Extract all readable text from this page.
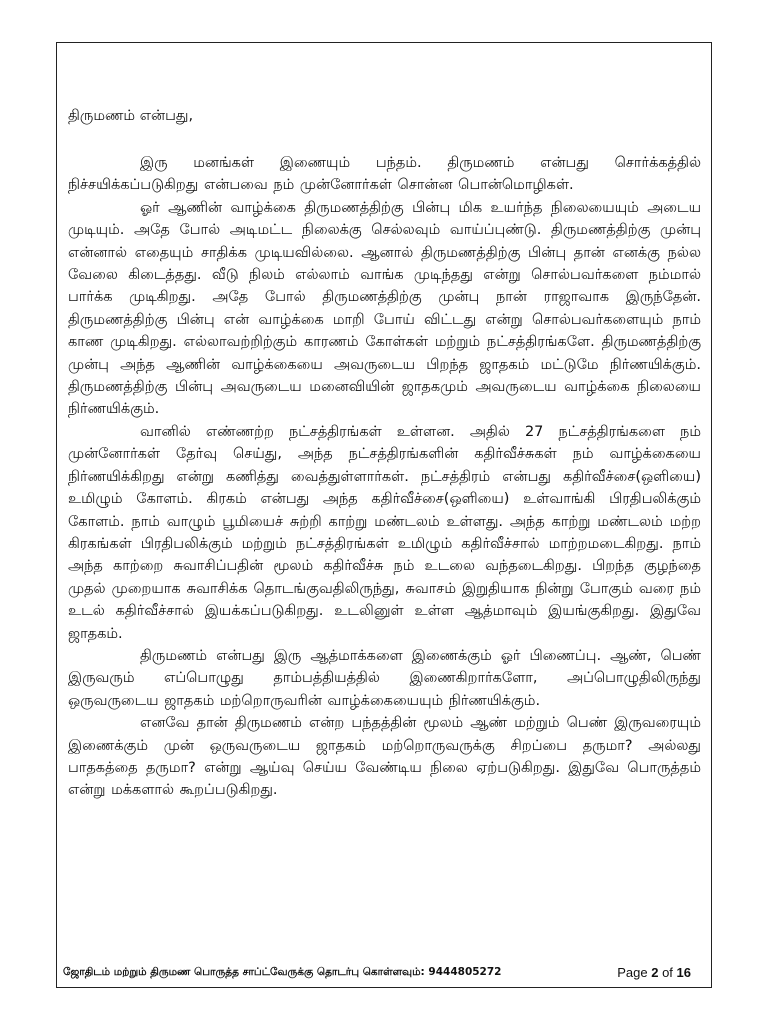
திருமணம் என்பது,

இரு மனங்கள் இணையும் பந்தம். திருமணம் என்பது சொர்க்கத்தில் நிச்சயிக்கப்படுகிறது என்பவை நம் முன்னோர்கள் சொன்ன பொன்மொழிகள்.

ஓர் ஆணின் வாழ்க்கை திருமணத்திற்கு பின்பு மிக உயர்ந்த நிலையையும் அடைய முடியும். அதே போல் அடிமட்ட நிலைக்கு செல்லவும் வாய்ப்புண்டு. திருமணத்திற்கு முன்பு என்னால் எதையும் சாதிக்க முடியவில்லை. ஆனால் திருமணத்திற்கு பின்பு தான் எனக்கு நல்ல வேலை கிடைத்தது. வீடு நிலம் எல்லாம் வாங்க முடிந்தது என்று சொல்பவர்களை நம்மால் பார்க்க முடிகிறது. அதே போல் திருமணத்திற்கு முன்பு நான் ராஜாவாக இருந்தேன். திருமணத்திற்கு பின்பு என் வாழ்க்கை மாறி போய் விட்டது என்று சொல்பவர்களையும் நாம் காண முடிகிறது. எல்லாவற்றிற்கும் காரணம் கோள்கள் மற்றும் நட்சத்திரங்களே. திருமணத்திற்கு முன்பு அந்த ஆணின் வாழ்க்கையை அவருடைய பிறந்த ஜாதகம் மட்டுமே நிர்ணயிக்கும். திருமணத்திற்கு பின்பு அவருடைய மனைவியின் ஜாதகமும் அவருடைய வாழ்க்கை நிலையை நிர்ணயிக்கும்.

வானில் எண்ணற்ற நட்சத்திரங்கள் உள்ளன. அதில் 27 நட்சத்திரங்களை நம் முன்னோர்கள் தேர்வு செய்து, அந்த நட்சத்திரங்களின் கதிர்வீச்சுகள் நம் வாழ்க்கையை நிர்ணயிக்கிறது என்று கணித்து வைத்துள்ளார்கள். நட்சத்திரம் என்பது கதிர்வீச்சை(ஒளியை) உமிழும் கோளம். கிரகம் என்பது அந்த கதிர்வீச்சை(ஒளியை) உள்வாங்கி பிரதிபலிக்கும் கோளம். நாம் வாழும் பூமியைச் சுற்றி காற்று மண்டலம் உள்ளது. அந்த காற்று மண்டலம் மற்ற கிரகங்கள் பிரதிபலிக்கும் மற்றும் நட்சத்திரங்கள் உமிழும் கதிர்வீச்சால் மாற்றமடைகிறது. நாம் அந்த காற்றை சுவாசிப்பதின் மூலம் கதிர்வீச்சு நம் உடலை வந்தடைகிறது. பிறந்த குழந்தை முதல் முறையாக சுவாசிக்க தொடங்குவதிலிருந்து, சுவாசம் இறுதியாக நின்று போகும் வரை நம் உடல் கதிர்வீச்சால் இயக்கப்படுகிறது. உடலினுள் உள்ள ஆத்மாவும் இயங்குகிறது. இதுவே ஜாதகம்.

திருமணம் என்பது இரு ஆத்மாக்களை இணைக்கும் ஓர் பிணைப்பு. ஆண், பெண் இருவரும் எப்பொழுது தாம்பத்தியத்தில் இணைகிறார்களோ, அப்பொழுதிலிருந்து ஒருவருடைய ஜாதகம் மற்றொருவரின் வாழ்க்கையையும் நிர்ணயிக்கும்.

எனவே தான் திருமணம் என்ற பந்தத்தின் மூலம் ஆண் மற்றும் பெண் இருவரையும் இணைக்கும் முன் ஒருவருடைய ஜாதகம் மற்றொருவருக்கு சிறப்பை தருமா? அல்லது பாதகத்தை தருமா? என்று ஆய்வு செய்ய வேண்டிய நிலை ஏற்படுகிறது. இதுவே பொருத்தம் என்று மக்களால் கூறப்படுகிறது.

ஜோதிடம் மற்றும் திருமண பொருத்த சாப்ட்வேருக்கு தொடர்பு கொள்ளவும்: 9444805272	Page 2 of 16
